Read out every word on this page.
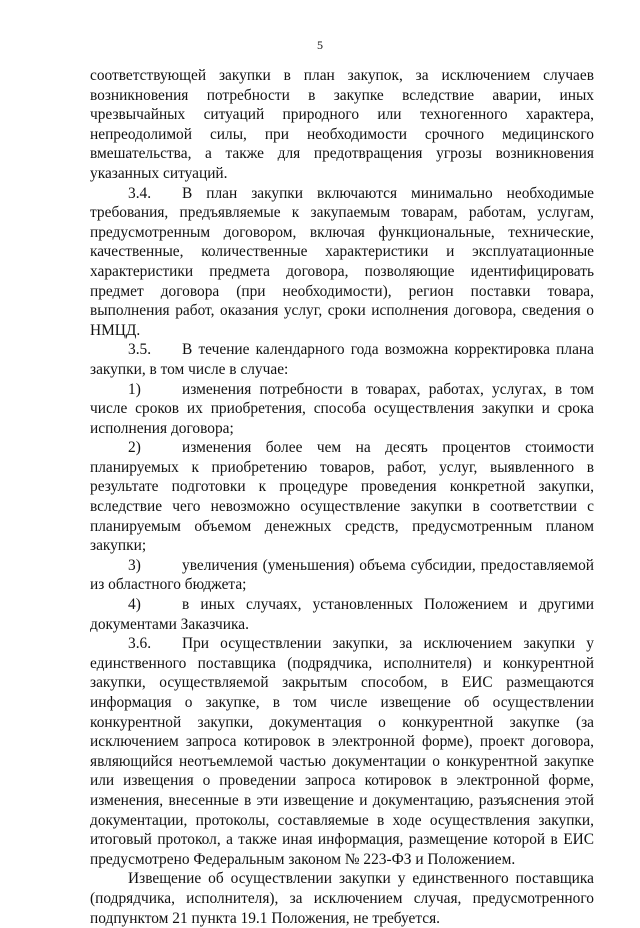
5

соответствующей закупки в план закупок, за исключением случаев возникновения потребности в закупке вследствие аварии, иных чрезвычайных ситуаций природного или техногенного характера, непреодолимой силы, при необходимости срочного медицинского вмешательства, а также для предотвращения угрозы возникновения указанных ситуаций.

3.4. В план закупки включаются минимально необходимые требования, предъявляемые к закупаемым товарам, работам, услугам, предусмотренным договором, включая функциональные, технические, качественные, количественные характеристики и эксплуатационные характеристики предмета договора, позволяющие идентифицировать предмет договора (при необходимости), регион поставки товара, выполнения работ, оказания услуг, сроки исполнения договора, сведения о НМЦД.

3.5. В течение календарного года возможна корректировка плана закупки, в том числе в случае:

1)	изменения потребности в товарах, работах, услугах, в том числе сроков их приобретения, способа осуществления закупки и срока исполнения договора;

2)	изменения более чем на десять процентов стоимости планируемых к приобретению товаров, работ, услуг, выявленного в результате подготовки к процедуре проведения конкретной закупки, вследствие чего невозможно осуществление закупки в соответствии с планируемым объемом денежных средств, предусмотренным планом закупки;

3)	увеличения (уменьшения) объема субсидии, предоставляемой из областного бюджета;

4)	в иных случаях, установленных Положением и другими документами Заказчика.

3.6. При осуществлении закупки, за исключением закупки у единственного поставщика (подрядчика, исполнителя) и конкурентной закупки, осуществляемой закрытым способом, в ЕИС размещаются информация о закупке, в том числе извещение об осуществлении конкурентной закупки, документация о конкурентной закупке (за исключением запроса котировок в электронной форме), проект договора, являющийся неотъемлемой частью документации о конкурентной закупке или извещения о проведении запроса котировок в электронной форме, изменения, внесенные в эти извещение и документацию, разъяснения этой документации, протоколы, составляемые в ходе осуществления закупки, итоговый протокол, а также иная информация, размещение которой в ЕИС предусмотрено Федеральным законом № 223-ФЗ и Положением.

Извещение об осуществлении закупки у единственного поставщика (подрядчика, исполнителя), за исключением случая, предусмотренного подпунктом 21 пункта 19.1 Положения, не требуется.
